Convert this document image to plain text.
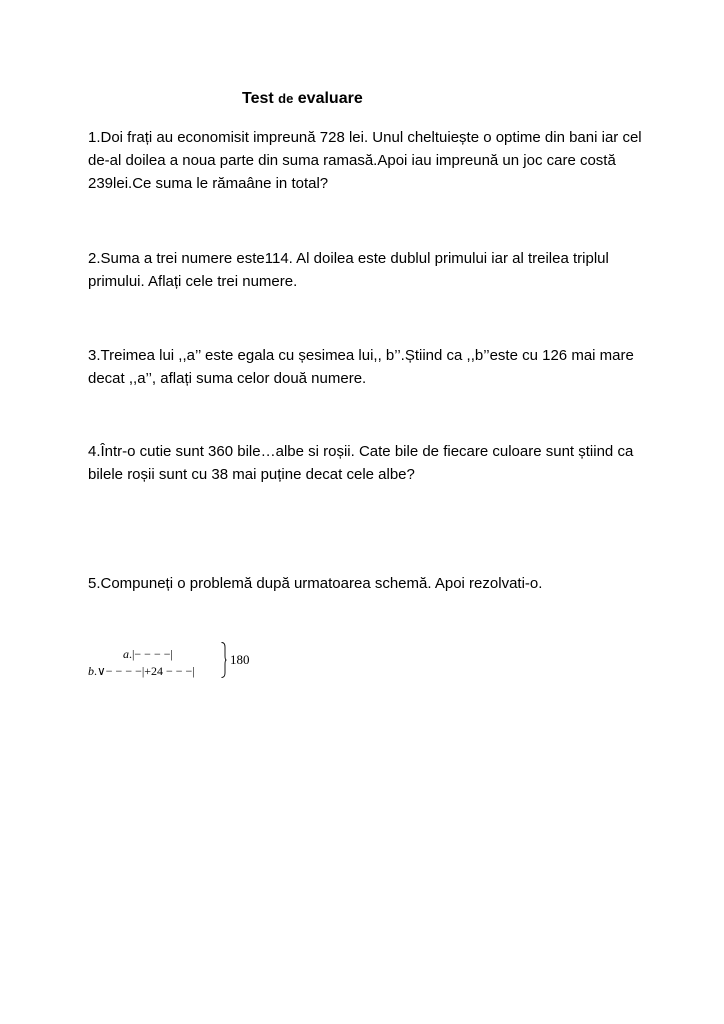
Test de evaluare
1.Doi frați au economisit impreună 728 lei. Unul cheltuiește o optime din bani iar cel de-al doilea a noua parte din suma ramasă.Apoi iau impreună un joc care costă 239lei.Ce suma le rămaâne in total?
2.Suma a trei numere este114. Al doilea este dublul primului iar al treilea triplul primului. Aflați cele trei numere.
3.Treimea lui ,,a’’ este egala cu șesimea lui,, b’’.Știind ca ,,b’’este cu 126 mai mare decat ,,a’’, aflați suma celor două numere.
4.Într-o cutie sunt 360 bile…albe si roșii. Cate bile de fiecare culoare sunt știind ca bilele roșii sunt cu 38 mai puține decat cele albe?
5.Compuneți o problemă după urmatoarea schemă. Apoi rezolvati-o.
a.|− − − −|
b.∨− − − −|+24 − − −|
180
